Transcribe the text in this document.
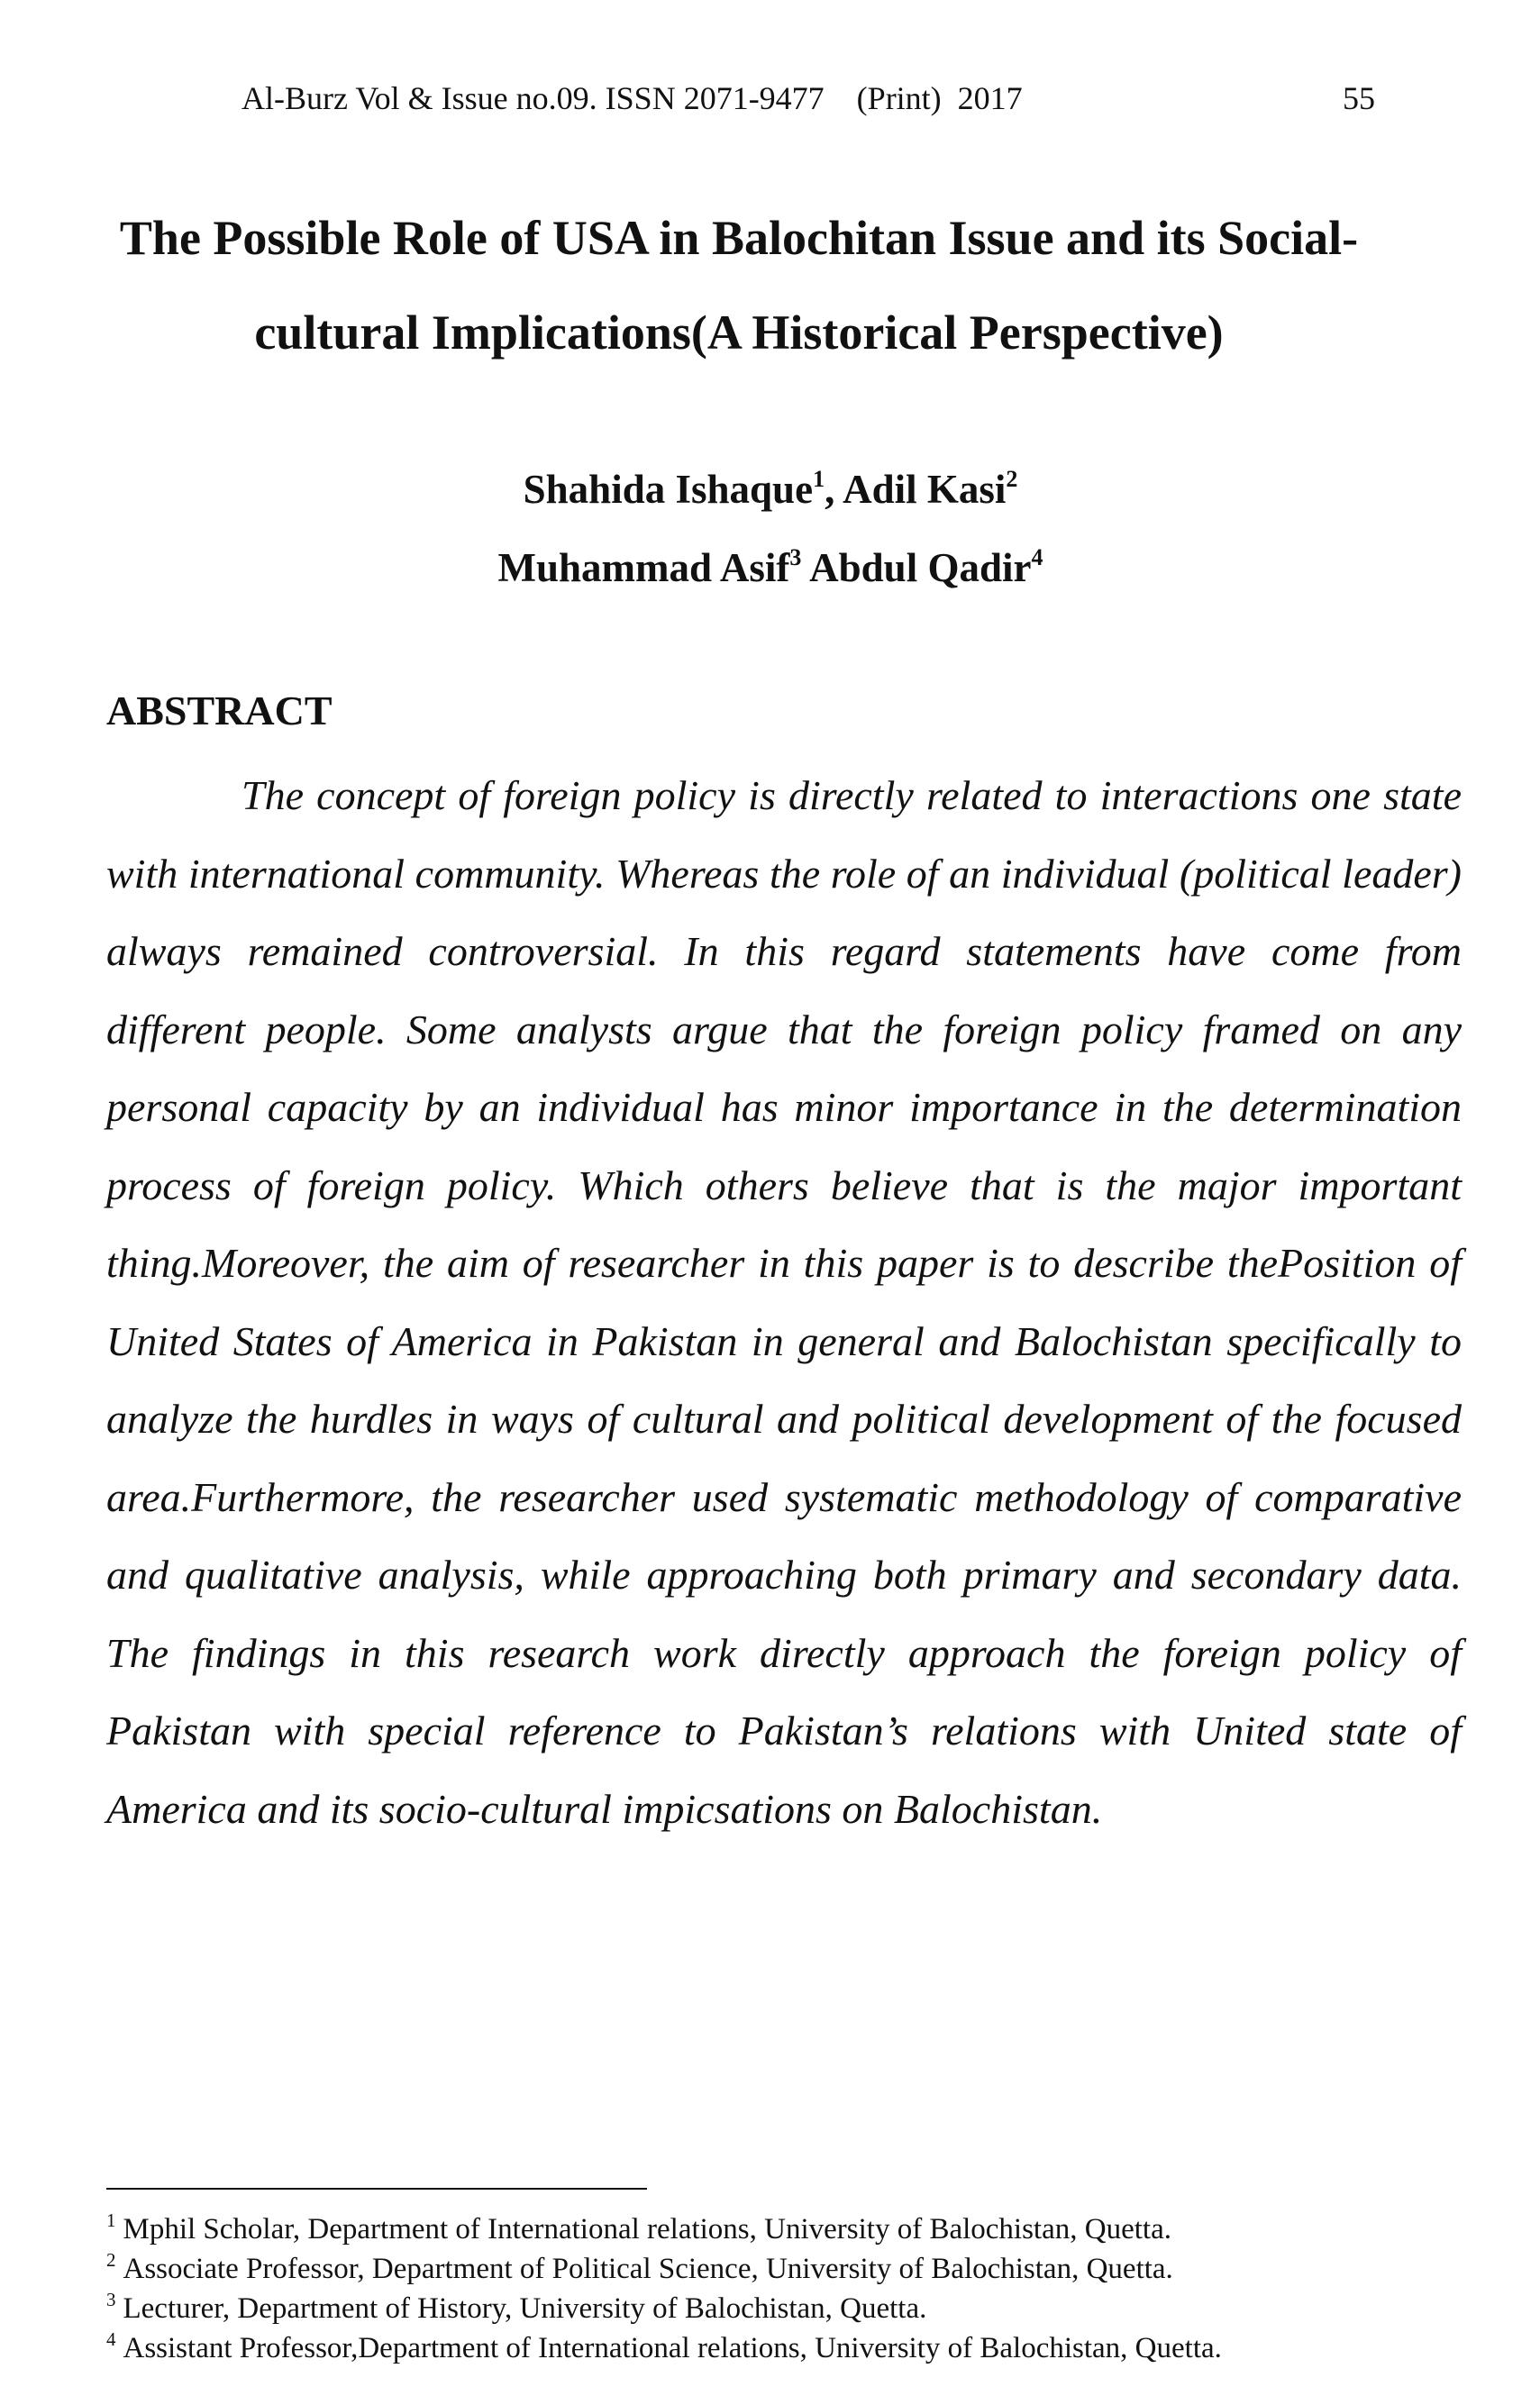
Al-Burz Vol & Issue no.09. ISSN 2071-9477    (Print)  2017	55
The Possible Role of USA in Balochitan Issue and its Social-
cultural Implications(A Historical Perspective)
Shahida Ishaque$^1$, Adil Kasi$^2$
Muhammad Asif$^3$ Abdul Qadir$^4$
ABSTRACT

The concept of foreign policy is directly related to interactions one state with international community. Whereas the role of an individual (political leader) always remained controversial. In this regard statements have come from different people. Some analysts argue that the foreign policy framed on any personal capacity by an individual has minor importance in the determination process of foreign policy. Which others believe that is the major important thing.Moreover, the aim of researcher in this paper is to describe thePosition of United States of America in Pakistan in general and Balochistan specifically to analyze the hurdles in ways of cultural and political development of the focused area.Furthermore, the researcher used systematic methodology of comparative and qualitative analysis, while approaching both primary and secondary data. The findings in this research work directly approach the foreign policy of Pakistan with special reference to Pakistan’s relations with United state of America and its socio-cultural impicsations on Balochistan.

$^1$ Mphil Scholar, Department of International relations, University of Balochistan, Quetta.
$^2$ Associate Professor, Department of Political Science, University of Balochistan, Quetta.
$^3$ Lecturer, Department of History, University of Balochistan, Quetta.
$^4$ Assistant Professor,Department of International relations, University of Balochistan, Quetta.
